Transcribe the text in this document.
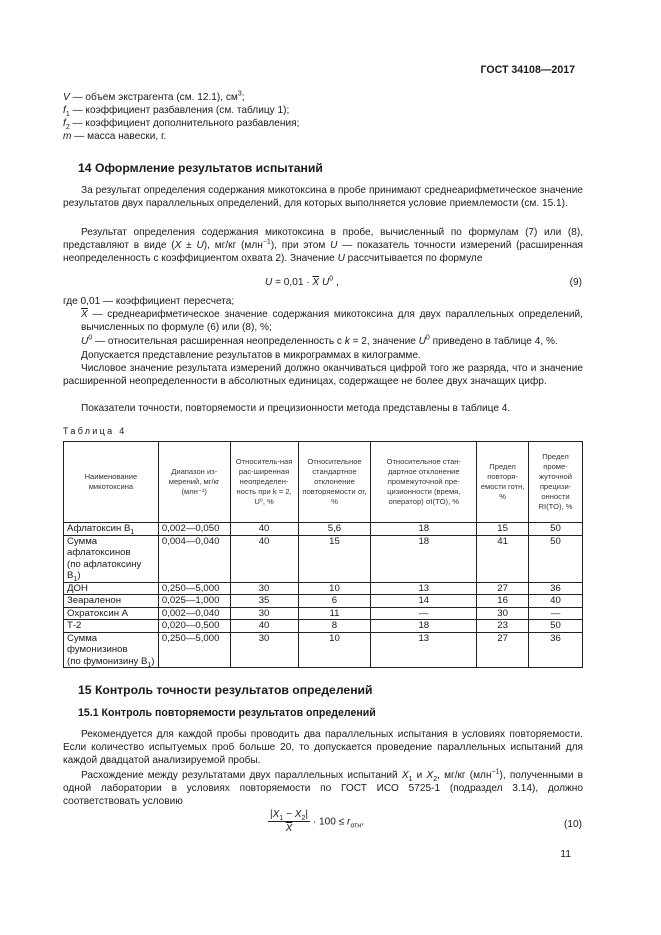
ГОСТ 34108—2017
V — объем экстрагента (см. 12.1), $см^3$;
$f_1$ — коэффициент разбавления (см. таблицу 1);
$f_2$ — коэффициент дополнительного разбавления;
m — масса навески, г.
14 Оформление результатов испытаний
За результат определения содержания микотоксина в пробе принимают среднеарифметическое значение результатов двух параллельных определений, для которых выполняется условие приемлемости (см. 15.1).
Результат определения содержания микотоксина в пробе, вычисленный по формулам (7) или (8), представляют в виде (X ± U), мг/кг (млн$^{-1}$), при этом U — показатель точности измерений (расширенная неопределенность с коэффициентом охвата 2). Значение U рассчитывается по формуле
$U = 0,01 \cdot \overline{X}$ $U^0$ ,	(9)
где 0,01 — коэффициент пересчета;
$\overline{X}$ — среднеарифметическое значение содержания микотоксина для двух параллельных определений, вычисленных по формуле (6) или (8), %;
$U^0$ — относительная расширенная неопределенность с k = 2, значение $U^0$ приведено в таблице 4, %.
Допускается представление результатов в микрограммах в килограмме.
Числовое значение результата измерений должно оканчиваться цифрой того же разряда, что и значение расширенной неопределенности в абсолютных единицах, содержащее не более двух значащих цифр.
Показатели точности, повторяемости и прецизионности метода представлены в таблице 4.
Таблица 4
Наименование микотоксина	Диапазон из-мерений, мг/кг (млн⁻¹)	Относитель-ная рас-ширенная неопределен-ность при k = 2, U⁰, %	Относительное стандартное отклонение повторяемости σr, %	Относительное стан-дартное отклонение промежуточной пре-цизионности (время, оператор) σI(TO), %	Предел повторя-емости rотн, %	Предел проме-жуточной прецизи-онности RI(TO), %
Афлатоксин $B_1$	0,002—0,050	40	5,6	18	15	50

Сумма афлатоксинов
(по афлатоксину $B_1$)	0,004—0,040	40	15	18	41	50
ДОН	0,250—5,000	30	10	13	27	36
Зеараленон	0,025—1,000	35	6	14	16	40
Охратоксин А	0,002—0,040	30	11	—	30	—
Т-2	0,020—0,500	40	8	18	23	50

Сумма фумонизинов
(по фумонизину $B_1$)	0,250—5,000	30	10	13	27	36
15 Контроль точности результатов определений
15.1 Контроль повторяемости результатов определений
Рекомендуется для каждой пробы проводить два параллельных испытания в условиях повторяемости. Если количество испытуемых проб больше 20, то допускается проведение параллельных испытаний для каждой двадцатой анализируемой пробы.
Расхождение между результатами двух параллельных испытаний $X_1$ и $X_2$, мг/кг (млн$^{-1}$), полученными в одной лаборатории в условиях повторяемости по ГОСТ ИСО 5725-1 (подраздел 3.14), должно соответствовать условию
$\frac{|X_1 - X_2|}{X} \cdot 100 \le r_{отн}$,	(10)
11
